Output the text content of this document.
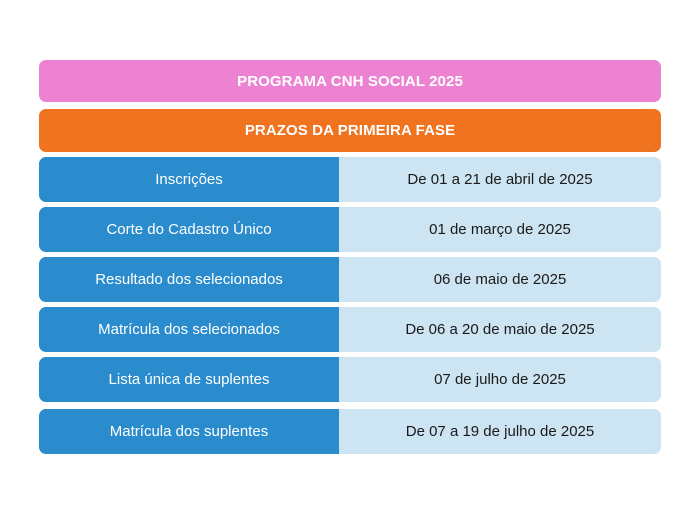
PROGRAMA CNH SOCIAL 2025
PRAZOS DA PRIMEIRA FASE
Inscrições	De 01 a 21 de abril de 2025
Corte do Cadastro Único	01 de março de 2025
Resultado dos selecionados	06 de maio de 2025
Matrícula dos selecionados	De 06 a 20 de maio de 2025
Lista única de suplentes	07 de julho de 2025
Matrícula dos suplentes	De 07 a 19 de julho de 2025
